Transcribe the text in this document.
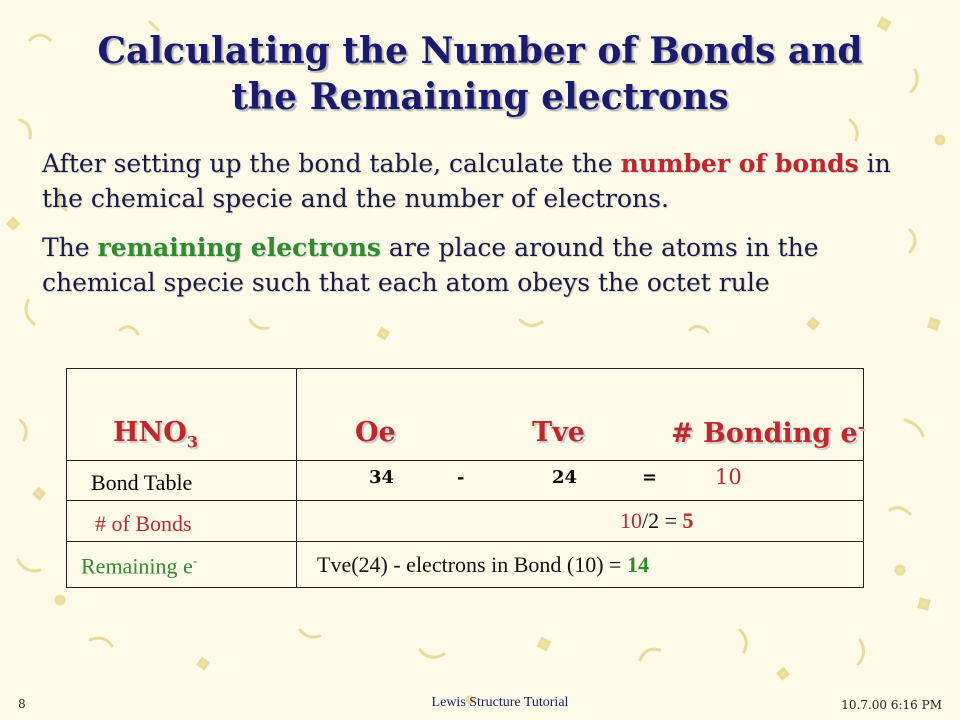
Calculating the Number of Bonds and
the Remaining electrons
After setting up the bond table, calculate the number of bonds in the chemical specie and the number of electrons.
The remaining electrons are place around the atoms in the chemical specie such that each atom obeys the octet rule
$HNO_3$	Oe	Tve	# Bonding e-
Bond Table	34	-	24	=	10
# of Bonds	10/2 = 5
Remaining e-	Tve(24) - electrons in Bond (10) = 14
8	Lewis Structure Tutorial	10.7.00 6:16 PM
